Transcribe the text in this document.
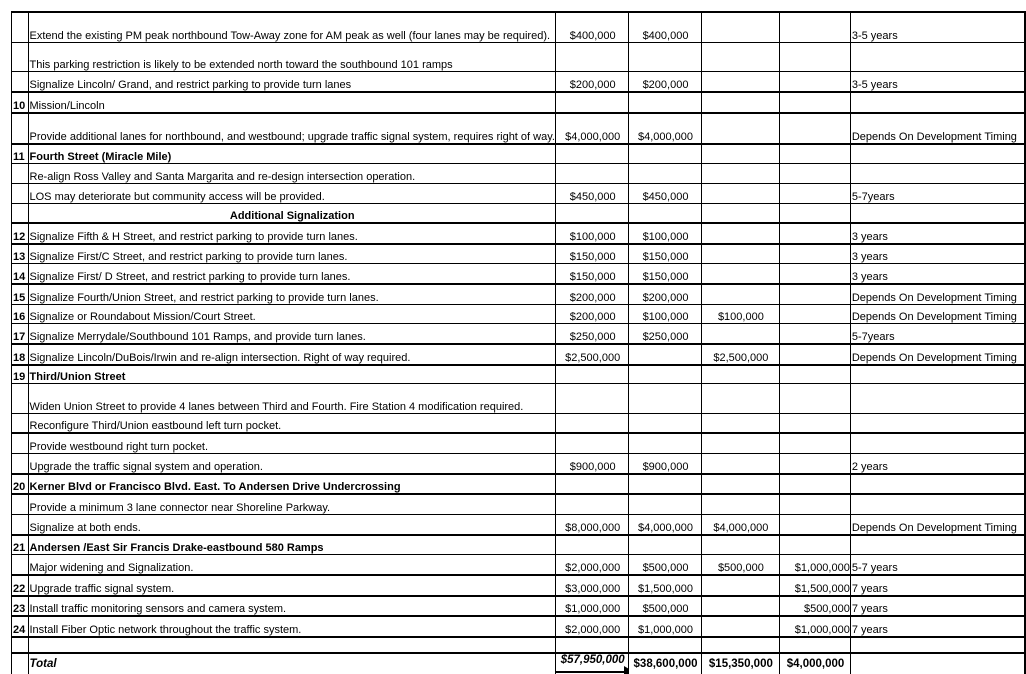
	Extend the existing PM peak northbound Tow-Away zone for AM peak as well (four lanes may be required).	$400,000	$400,000			3-5 years
	This parking restriction is likely to be extended north toward the southbound 101 ramps					
	Signalize Lincoln/ Grand, and restrict parking to provide turn lanes	$200,000	$200,000			3-5 years
10	Mission/Lincoln					
	Provide additional lanes for northbound, and westbound; upgrade traffic signal system, requires right of way.	$4,000,000	$4,000,000			Depends On Development Timing
11	Fourth Street (Miracle Mile)					
	Re-align Ross Valley and Santa Margarita and re-design intersection operation.					
	LOS may deteriorate but community access will be provided.	$450,000	$450,000			5-7years
	Additional Signalization					
12	Signalize Fifth & H Street, and restrict parking to provide turn lanes.	$100,000	$100,000			3 years
13	Signalize First/C Street, and restrict parking to provide turn lanes.	$150,000	$150,000			3 years
14	Signalize First/ D Street, and restrict parking to provide turn lanes.	$150,000	$150,000			3 years
15	Signalize Fourth/Union Street, and restrict parking to provide turn lanes.	$200,000	$200,000			Depends On Development Timing
16	Signalize or Roundabout Mission/Court Street.	$200,000	$100,000	$100,000		Depends On Development Timing
17	Signalize Merrydale/Southbound 101 Ramps, and provide turn lanes.	$250,000	$250,000			5-7years
18	Signalize Lincoln/DuBois/Irwin and re-align intersection. Right of way required.	$2,500,000		$2,500,000		Depends On Development Timing
19	Third/Union Street					
	Widen Union Street to provide 4 lanes between Third and Fourth. Fire Station 4 modification required.					
	Reconfigure Third/Union eastbound left turn pocket.					
	Provide westbound right turn pocket.					
	Upgrade the traffic signal system and operation.	$900,000	$900,000			2 years
20	Kerner Blvd or Francisco Blvd. East. To Andersen Drive Undercrossing					
	Provide a minimum 3 lane connector near Shoreline Parkway.					
	Signalize at both ends.	$8,000,000	$4,000,000	$4,000,000		Depends On Development Timing
21	Andersen /East Sir Francis Drake-eastbound 580 Ramps					
	Major widening and Signalization.	$2,000,000	$500,000	$500,000	$1,000,000	5-7 years
22	Upgrade traffic signal system.	$3,000,000	$1,500,000		$1,500,000	7 years
23	Install traffic monitoring sensors and camera system.	$1,000,000	$500,000		$500,000	7 years
24	Install Fiber Optic network throughout the traffic system.	$2,000,000	$1,000,000		$1,000,000	7 years

	Total	$57,950,000	$38,600,000	$15,350,000	$4,000,000	
